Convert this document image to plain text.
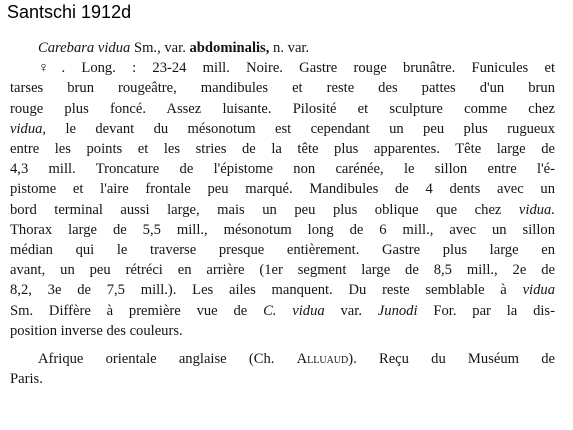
Santschi 1912d
Carebara vidua Sm., var. abdominalis, n. var.
♀. Long. : 23-24 mill. Noire. Gastre rouge brunâtre. Funicules et
tarses brun rougeâtre, mandibules et reste des pattes d'un brun
rouge plus foncé. Assez luisante. Pilosité et sculpture comme chez
vidua, le devant du mésonotum est cependant un peu plus rugueux
entre les points et les stries de la tête plus apparentes. Tête large de
4,3 mill. Troncature de l'épistome non carénée, le sillon entre l'é-
pistome et l'aire frontale peu marqué. Mandibules de 4 dents avec un
bord terminal aussi large, mais un peu plus oblique que chez vidua.
Thorax large de 5,5 mill., mésonotum long de 6 mill., avec un sillon
médian qui le traverse presque entièrement. Gastre plus large en
avant, un peu rétréci en arrière (1er segment large de 8,5 mill., 2e de
8,2, 3e de 7,5 mill.). Les ailes manquent. Du reste semblable à vidua
Sm. Diffère à première vue de C. vidua var. Junodi For. par la dis-
position inverse des couleurs.
Afrique orientale anglaise (Ch. Alluaud). Reçu du Muséum de
Paris.
